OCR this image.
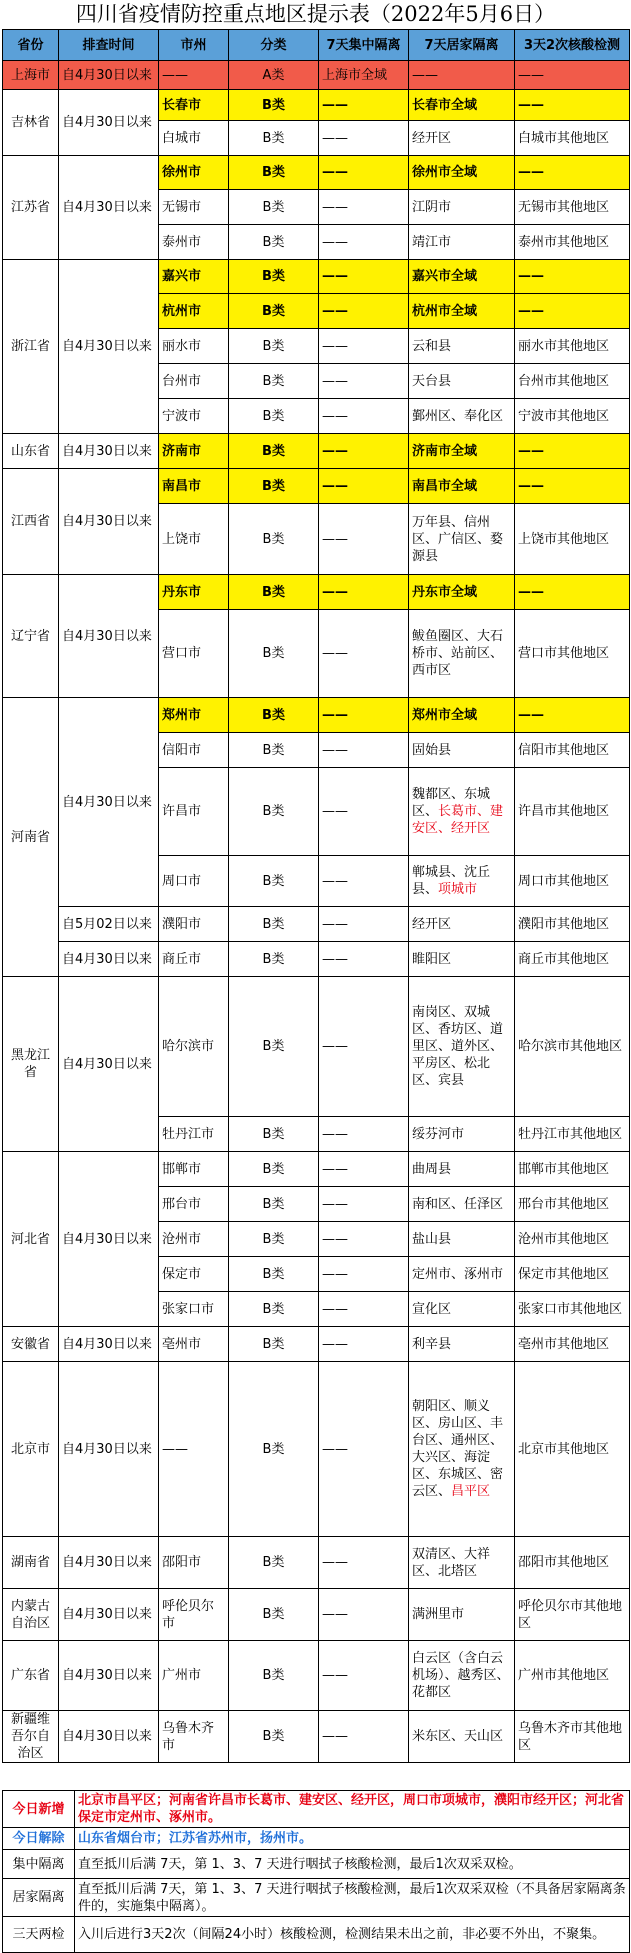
四川省疫情防控重点地区提示表（2022年5月6日）
省份	排查时间	市州	分类	7天集中隔离	7天居家隔离	3天2次核酸检测
上海市	自4月30日以来	——	A类	上海市全域	——	——
吉林省	自4月30日以来	长春市	B类	——	长春市全域	——
		白城市	B类	——	经开区	白城市其他地区
江苏省	自4月30日以来	徐州市	B类	——	徐州市全域	——
		无锡市	B类	——	江阴市	无锡市其他地区
		泰州市	B类	——	靖江市	泰州市其他地区
浙江省	自4月30日以来	嘉兴市	B类	——	嘉兴市全域	——
		杭州市	B类	——	杭州市全域	——
		丽水市	B类	——	云和县	丽水市其他地区
		台州市	B类	——	天台县	台州市其他地区
		宁波市	B类	——	鄞州区、奉化区	宁波市其他地区
山东省	自4月30日以来	济南市	B类	——	济南市全域	——
江西省	自4月30日以来	南昌市	B类	——	南昌市全域	——
		上饶市	B类	——	万年县、信州区、广信区、婺源县	上饶市其他地区
辽宁省	自4月30日以来	丹东市	B类	——	丹东市全域	——
		营口市	B类	——	鲅鱼圈区、大石桥市、站前区、西市区	营口市其他地区
河南省	自4月30日以来	郑州市	B类	——	郑州市全域	——
		信阳市	B类	——	固始县	信阳市其他地区
		许昌市	B类	——	魏都区、东城区、长葛市、建安区、经开区	许昌市其他地区
		周口市	B类	——	郸城县、沈丘县、项城市	周口市其他地区
	自5月02日以来	濮阳市	B类	——	经开区	濮阳市其他地区
	自4月30日以来	商丘市	B类	——	睢阳区	商丘市其他地区
黑龙江省	自4月30日以来	哈尔滨市	B类	——	南岗区、双城区、香坊区、道里区、道外区、平房区、松北区、宾县	哈尔滨市其他地区
		牡丹江市	B类	——	绥芬河市	牡丹江市其他地区
河北省	自4月30日以来	邯郸市	B类	——	曲周县	邯郸市其他地区
		邢台市	B类	——	南和区、任泽区	邢台市其他地区
		沧州市	B类	——	盐山县	沧州市其他地区
		保定市	B类	——	定州市、涿州市	保定市其他地区
		张家口市	B类	——	宣化区	张家口市其他地区
安徽省	自4月30日以来	亳州市	B类	——	利辛县	亳州市其他地区
北京市	自4月30日以来	——	B类	——	朝阳区、顺义区、房山区、丰台区、通州区、大兴区、海淀区、东城区、密云区、昌平区	北京市其他地区
湖南省	自4月30日以来	邵阳市	B类	——	双清区、大祥区、北塔区	邵阳市其他地区
内蒙古自治区	自4月30日以来	呼伦贝尔市	B类	——	满洲里市	呼伦贝尔市其他地区
广东省	自4月30日以来	广州市	B类	——	白云区（含白云机场）、越秀区、花都区	广州市其他地区
新疆维吾尔自治区	自4月30日以来	乌鲁木齐市	B类	——	米东区、天山区	乌鲁木齐市其他地区
今日新增	北京市昌平区；河南省许昌市长葛市、建安区、经开区，周口市项城市，濮阳市经开区；河北省保定市定州市、涿州市。
今日解除	山东省烟台市；江苏省苏州市，扬州市。
集中隔离	直至抵川后满 7天，第 1、3、7 天进行咽拭子核酸检测，最后1次双采双检。
居家隔离	直至抵川后满 7天，第 1、3、7 天进行咽拭子核酸检测，最后1次双采双检（不具备居家隔离条件的，实施集中隔离）。
三天两检	入川后进行3天2次（间隔24小时）核酸检测，检测结果未出之前，非必要不外出，不聚集。
